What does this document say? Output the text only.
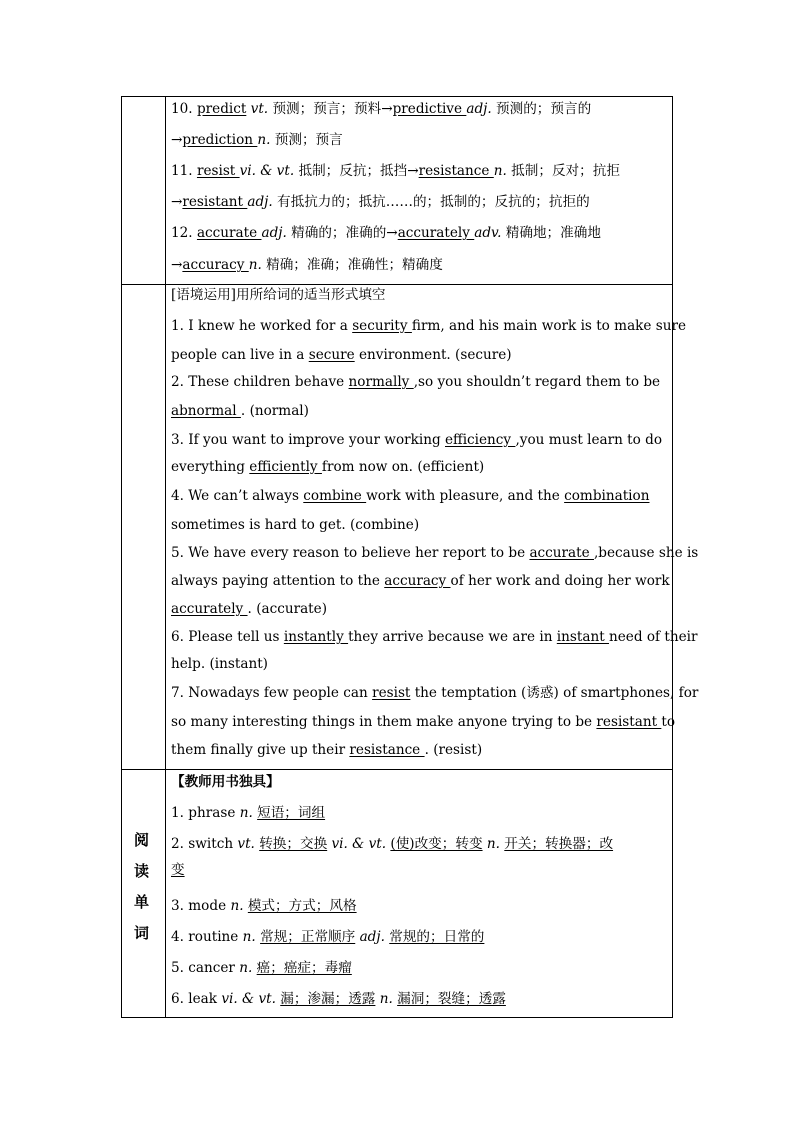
10. predict vt. 预测；预言；预料→predictive adj. 预测的；预言的
→prediction n. 预测；预言
11. resist vi. & vt. 抵制；反抗；抵挡→resistance n. 抵制；反对；抗拒
→resistant adj. 有抵抗力的；抵抗……的；抵制的；反抗的；抗拒的
12. accurate adj. 精确的；准确的→accurately adv. 精确地；准确地
→accuracy n. 精确；准确；准确性；精确度
[语境运用]用所给词的适当形式填空
1. I knew he worked for a security firm, and his main work is to make sure
people can live in a secure environment. (secure)
2. These children behave normally ,so you shouldn’t regard them to be
abnormal . (normal)
3. If you want to improve your working efficiency ,you must learn to do
everything efficiently from now on. (efficient)
4. We can’t always combine work with pleasure, and the combination
sometimes is hard to get. (combine)
5. We have every reason to believe her report to be accurate ,because she is
always paying attention to the accuracy of her work and doing her work
accurately . (accurate)
6. Please tell us instantly they arrive because we are in instant need of their
help. (instant)
7. Nowadays few people can resist the temptation (诱惑) of smartphones, for
so many interesting things in them make anyone trying to be resistant to
them finally give up their resistance . (resist)
【教师用书独具】
1. phrase n. 短语；词组
2. switch vt. 转换；交换 vi. & vt. (使)改变；转变 n. 开关；转换器；改
变
3. mode n. 模式；方式；风格
4. routine n. 常规；正常顺序 adj. 常规的；日常的
5. cancer n. 癌；癌症；毒瘤
6. leak vi. & vt. 漏；渗漏；透露 n. 漏洞；裂缝；透露
阅
读
单
词
